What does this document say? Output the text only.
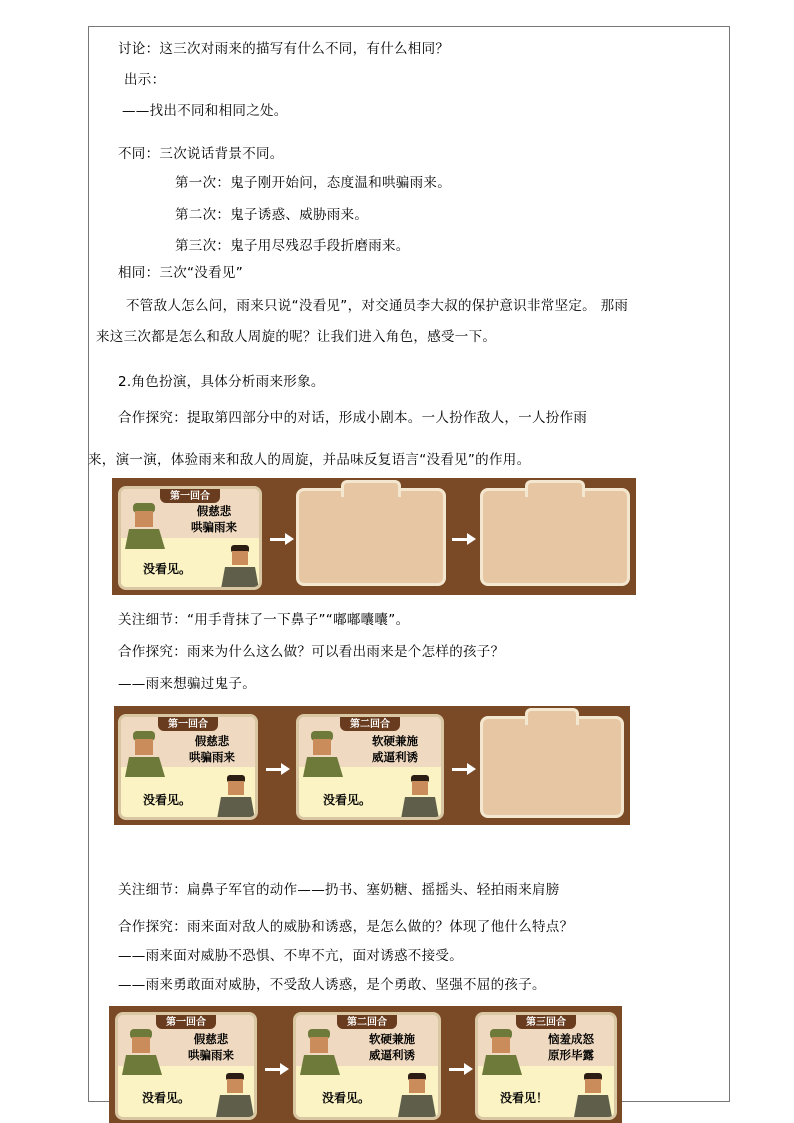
讨论：这三次对雨来的描写有什么不同，有什么相同？
出示：
——找出不同和相同之处。
不同：三次说话背景不同。
第一次：鬼子刚开始问，态度温和哄骗雨来。
第二次：鬼子诱惑、威胁雨来。
第三次：鬼子用尽残忍手段折磨雨来。
相同：三次“没看见”
不管敌人怎么问，雨来只说“没看见”，对交通员李大叔的保护意识非常坚定。 那雨
来这三次都是怎么和敌人周旋的呢？让我们进入角色，感受一下。
2.角色扮演，具体分析雨来形象。
合作探究：提取第四部分中的对话，形成小剧本。一人扮作敌人，一人扮作雨
来，演一演，体验雨来和敌人的周旋，并品味反复语言“没看见”的作用。
第一回合
假慈悲
哄骗雨来
没看见。
关注细节：“用手背抹了一下鼻子”“嘟嘟囔囔”。
合作探究：雨来为什么这么做？可以看出雨来是个怎样的孩子？
——雨来想骗过鬼子。
第一回合
假慈悲
哄骗雨来
没看见。
第二回合
软硬兼施
威逼利诱
没看见。
关注细节：扁鼻子军官的动作——扔书、塞奶糖、摇摇头、轻拍雨来肩膀
合作探究：雨来面对敌人的威胁和诱惑，是怎么做的？体现了他什么特点？
——雨来面对威胁不恐惧、不卑不亢，面对诱惑不接受。
——雨来勇敢面对威胁，不受敌人诱惑，是个勇敢、坚强不屈的孩子。
第一回合
假慈悲
哄骗雨来
没看见。
第二回合
软硬兼施
威逼利诱
没看见。
第三回合
恼羞成怒
原形毕露
没看见！
